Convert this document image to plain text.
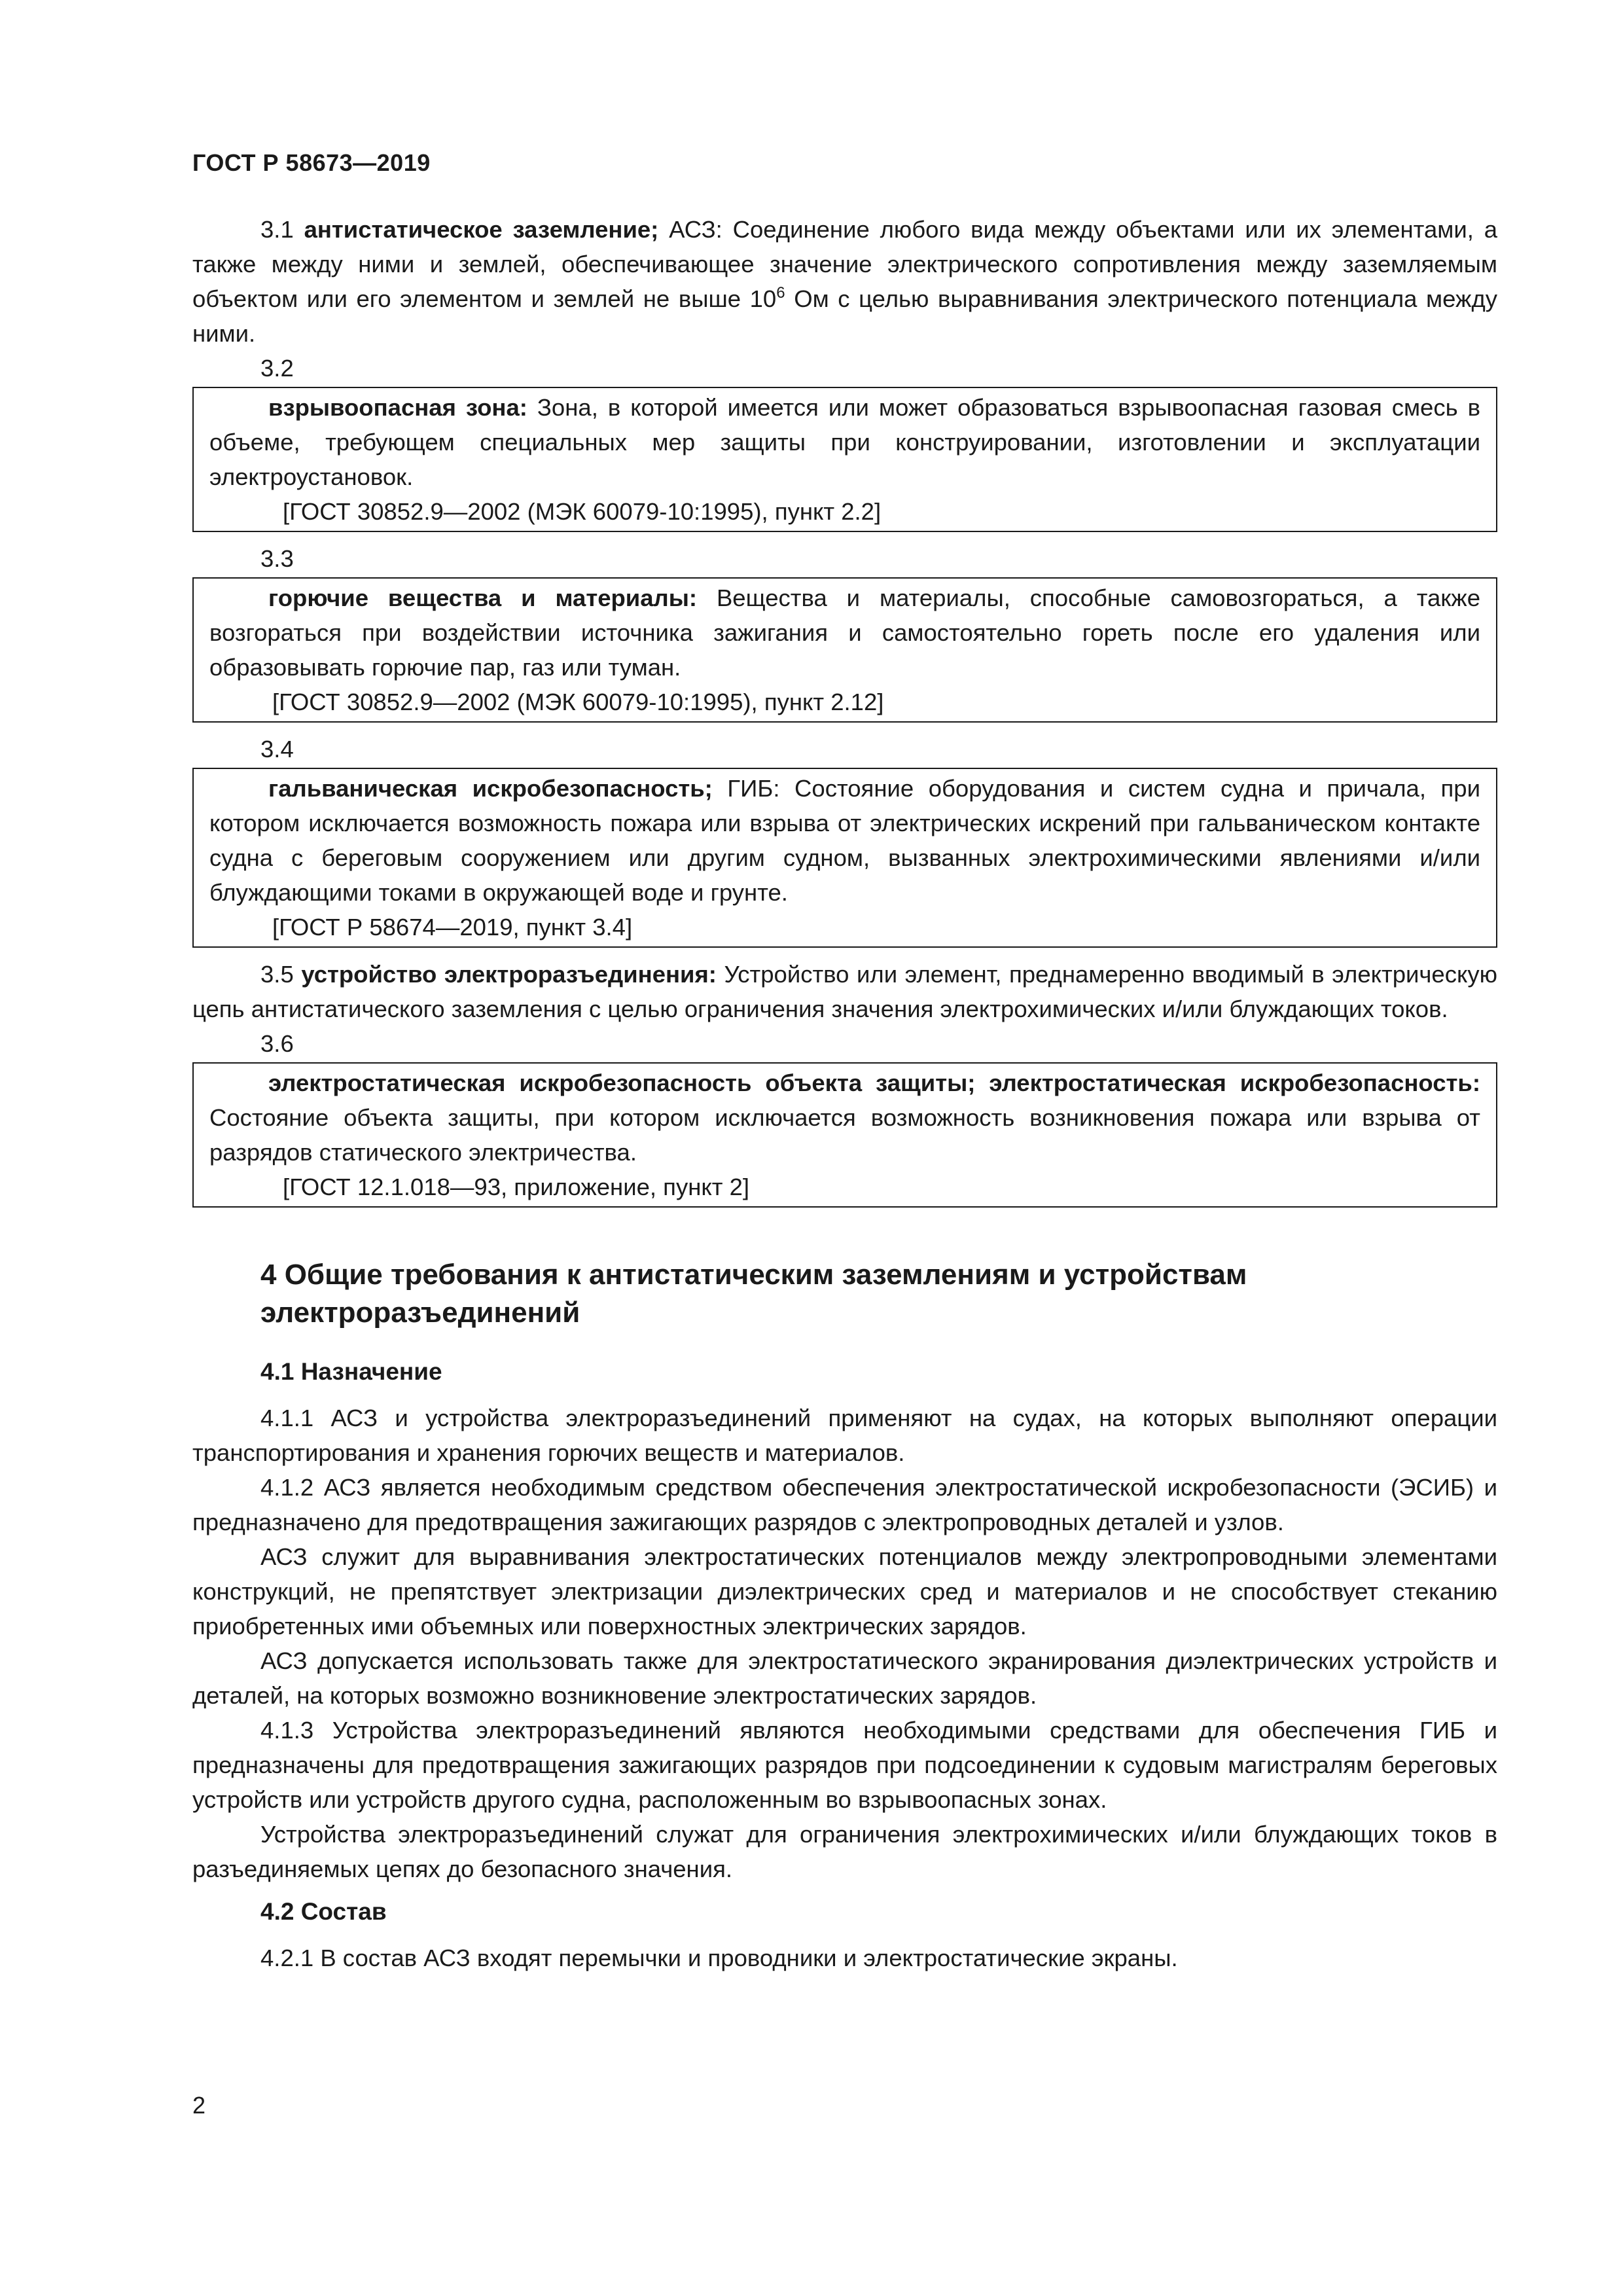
ГОСТ Р 58673—2019

3.1 антистатическое заземление; АСЗ: Соединение любого вида между объектами или их элементами, а также между ними и землей, обеспечивающее значение электрического сопротивления между заземляемым объектом или его элементом и землей не выше $10^6$ Ом с целью выравнивания электрического потенциала между ними.

3.2

взрывоопасная зона: Зона, в которой имеется или может образоваться взрывоопасная газовая смесь в объеме, требующем специальных мер защиты при конструировании, изготовлении и эксплуатации электроустановок.

[ГОСТ 30852.9—2002 (МЭК 60079-10:1995), пункт 2.2]

3.3

горючие вещества и материалы: Вещества и материалы, способные самовозгораться, а также возгораться при воздействии источника зажигания и самостоятельно гореть после его удаления или образовывать горючие пар, газ или туман.

[ГОСТ 30852.9—2002 (МЭК 60079-10:1995), пункт 2.12]

3.4

гальваническая искробезопасность; ГИБ: Состояние оборудования и систем судна и причала, при котором исключается возможность пожара или взрыва от электрических искрений при гальваническом контакте судна с береговым сооружением или другим судном, вызванных электрохимическими явлениями и/или блуждающими токами в окружающей воде и грунте.

[ГОСТ Р 58674—2019, пункт 3.4]

3.5 устройство электроразъединения: Устройство или элемент, преднамеренно вводимый в электрическую цепь антистатического заземления с целью ограничения значения электрохимических и/или блуждающих токов.

3.6

электростатическая искробезопасность объекта защиты; электростатическая искробезопасность: Состояние объекта защиты, при котором исключается возможность возникновения пожара или взрыва от разрядов статического электричества.

[ГОСТ 12.1.018—93, приложение, пункт 2]

4 Общие требования к антистатическим заземлениям и устройствам электроразъединений
4.1 Назначение

4.1.1 АСЗ и устройства электроразъединений применяют на судах, на которых выполняют операции транспортирования и хранения горючих веществ и материалов.

4.1.2 АСЗ является необходимым средством обеспечения электростатической искробезопасности (ЭСИБ) и предназначено для предотвращения зажигающих разрядов с электропроводных деталей и узлов.

АСЗ служит для выравнивания электростатических потенциалов между электропроводными элементами конструкций, не препятствует электризации диэлектрических сред и материалов и не способствует стеканию приобретенных ими объемных или поверхностных электрических зарядов.

АСЗ допускается использовать также для электростатического экранирования диэлектрических устройств и деталей, на которых возможно возникновение электростатических зарядов.

4.1.3 Устройства электроразъединений являются необходимыми средствами для обеспечения ГИБ и предназначены для предотвращения зажигающих разрядов при подсоединении к судовым магистралям береговых устройств или устройств другого судна, расположенным во взрывоопасных зонах.

Устройства электроразъединений служат для ограничения электрохимических и/или блуждающих токов в разъединяемых цепях до безопасного значения.

4.2 Состав

4.2.1 В состав АСЗ входят перемычки и проводники и электростатические экраны.

2
